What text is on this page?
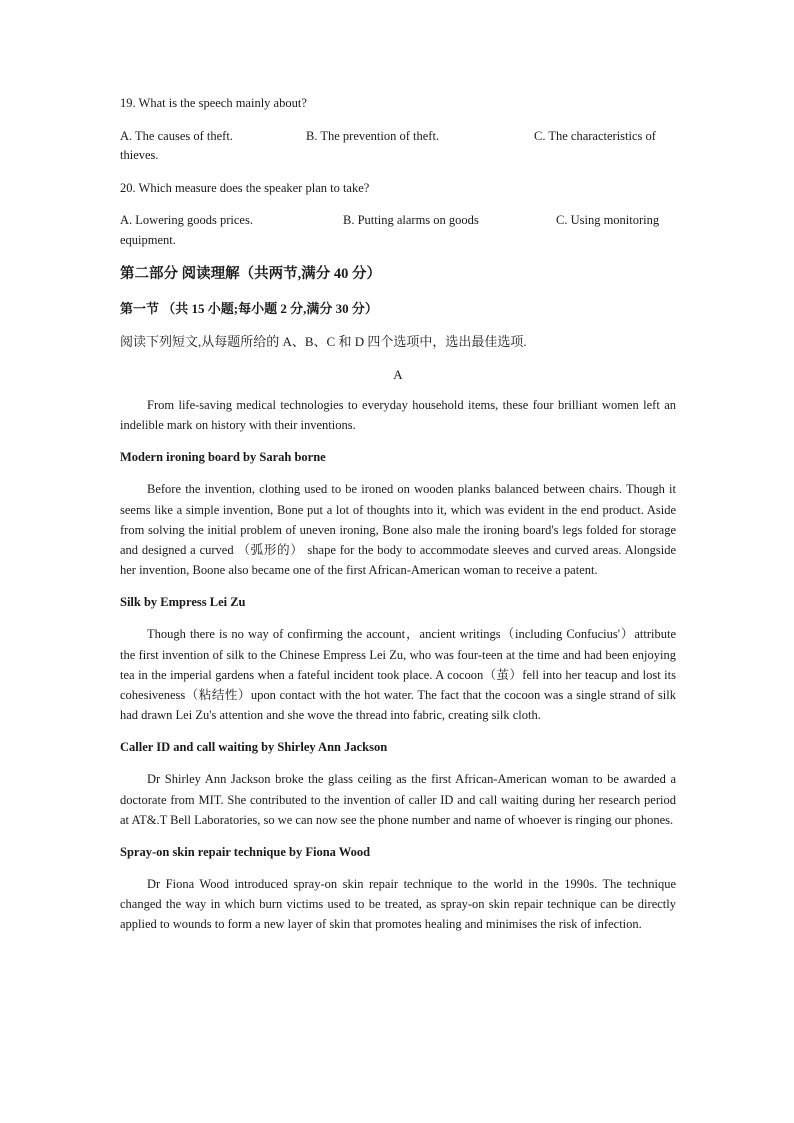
19. What is the speech mainly about?

A. The causes of theft.	B. The prevention of theft.	C. The characteristics of

thieves.

20. Which measure does the speaker plan to take?

A. Lowering goods prices.	B. Putting alarms on goods	C. Using monitoring

equipment.

第二部分 阅读理解（共两节,满分 40 分）

第一节 （共 15 小题;每小题 2 分,满分 30 分）

阅读下列短文,从每题所给的 A、B、C 和 D 四个选项中，选出最佳选项.

A

From life-saving medical technologies to everyday household items, these four brilliant women left an indelible mark on history with their inventions.

Modern ironing board by Sarah borne

Before the invention, clothing used to be ironed on wooden planks balanced between chairs. Though it seems like a simple invention, Bone put a lot of thoughts into it, which was evident in the end product. Aside from solving the initial problem of uneven ironing, Bone also male the ironing board's legs folded for storage and designed a curved （弧形的） shape for the body to accommodate sleeves and curved areas. Alongside her invention, Boone also became one of the first African-American woman to receive a patent.

Silk by Empress Lei Zu

Though there is no way of confirming the account，ancient writings（including Confucius'）attribute the first invention of silk to the Chinese Empress Lei Zu, who was four-teen at the time and had been enjoying tea in the imperial gardens when a fateful incident took place. A cocoon（茧）fell into her teacup and lost its cohesiveness（粘结性）upon contact with the hot water. The fact that the cocoon was a single strand of silk had drawn Lei Zu's attention and she wove the thread into fabric, creating silk cloth.

Caller ID and call waiting by Shirley Ann Jackson

Dr Shirley Ann Jackson broke the glass ceiling as the first African-American woman to be awarded a doctorate from MIT. She contributed to the invention of caller ID and call waiting during her research period at AT&.T Bell Laboratories, so we can now see the phone number and name of whoever is ringing our phones.

Spray-on skin repair technique by Fiona Wood

Dr Fiona Wood introduced spray-on skin repair technique to the world in the 1990s. The technique changed the way in which burn victims used to be treated, as spray-on skin repair technique can be directly applied to wounds to form a new layer of skin that promotes healing and minimises the risk of infection.
